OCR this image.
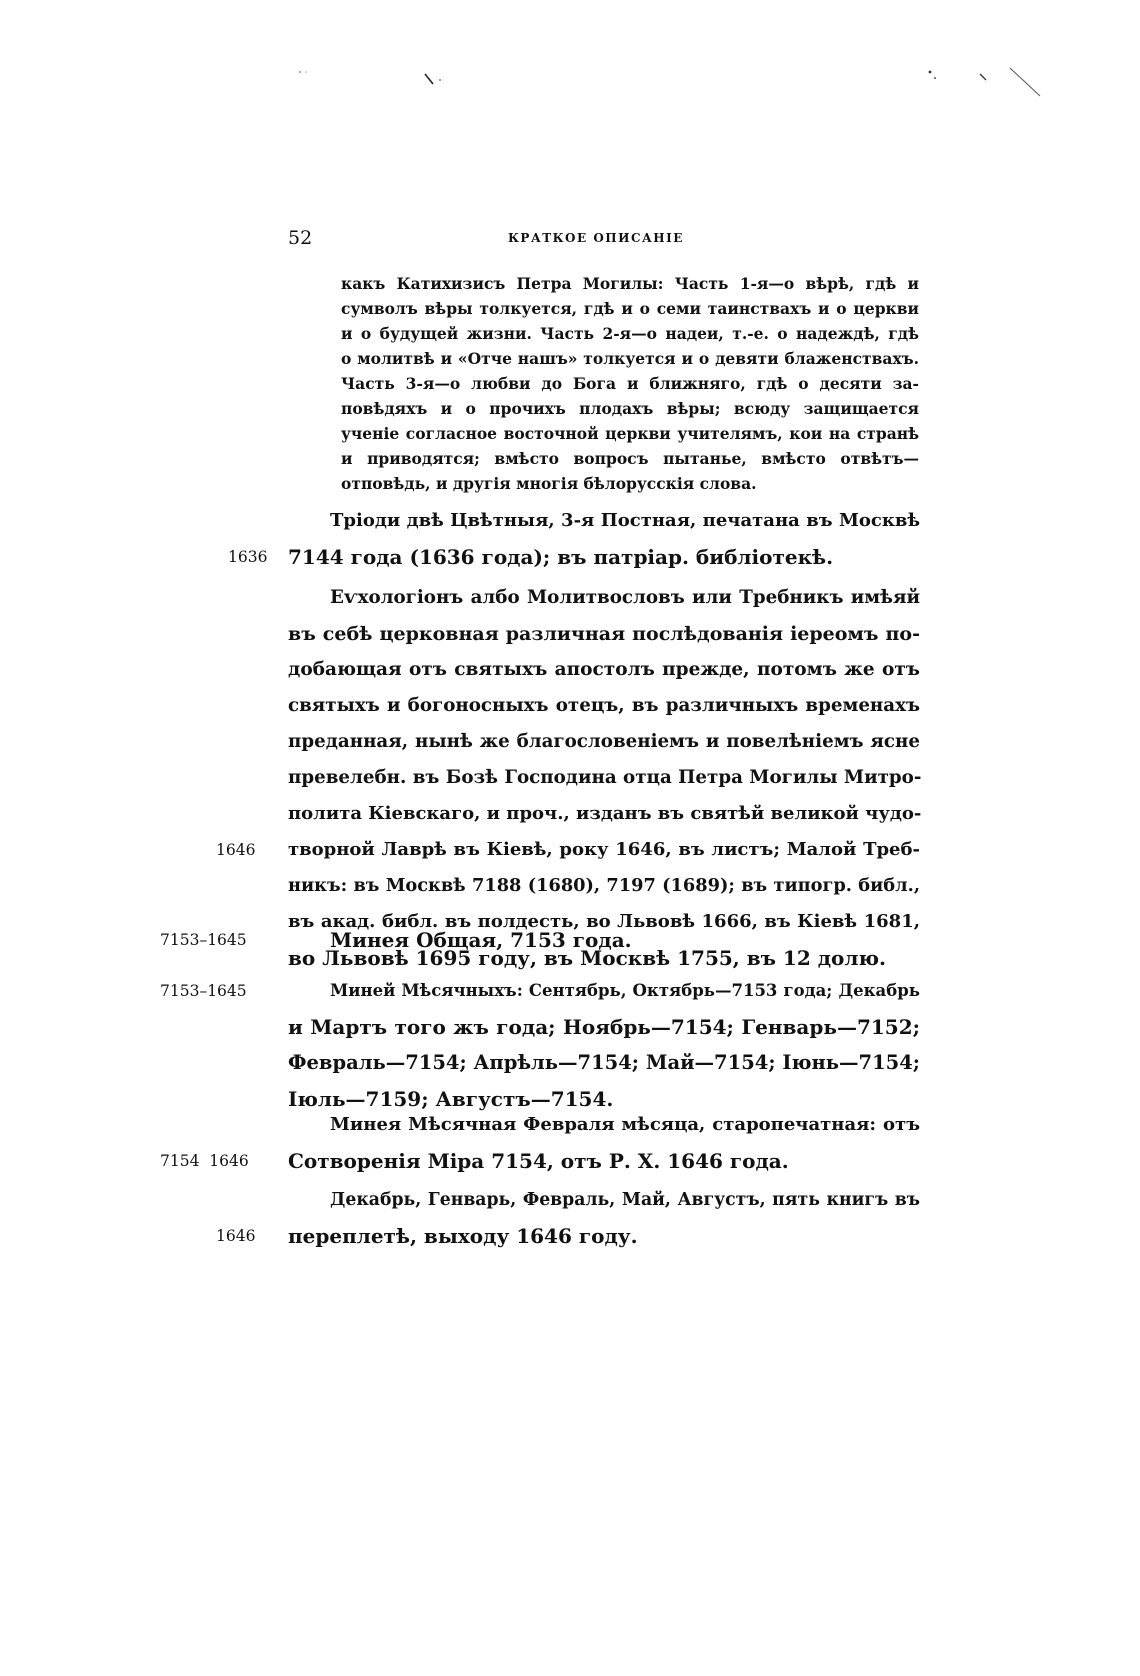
52	КРАТКОЕ ОПИСАНІЕ
какъ Катихизисъ Петра Могилы: Часть 1-я—о вѣрѣ, гдѣ и
сумволъ вѣры толкуется, гдѣ и о семи таинствахъ и о церкви
и о будущей жизни. Часть 2-я—о надеи, т.-е. о надеждѣ, гдѣ
о молитвѣ и «Отче нашъ» толкуется и о девяти блаженствахъ.
Часть 3-я—о любви до Бога и ближняго, гдѣ о десяти за-
повѣдяхъ и о прочихъ плодахъ вѣры; всюду защищается
ученіе согласное восточной церкви учителямъ, кои на странѣ
и приводятся; вмѣсто вопросъ пытанье, вмѣсто отвѣтъ—
отповѣдь, и другія многія бѣлорусскія слова.
Тріоди двѣ Цвѣтныя, 3-я Постная, печатана въ Москвѣ
1636 7144 года (1636 года); въ патріар. библіотекѣ.
Еѵхологіонъ албо Молитвословъ или Требникъ имѣяй
въ себѣ церковная различная послѣдованія іереомъ по-
добающая отъ святыхъ апостолъ прежде, потомъ же отъ
святыхъ и богоносныхъ отецъ, въ различныхъ временахъ
преданная, нынѣ же благословеніемъ и повелѣніемъ ясне
превелебн. въ Бозѣ Господина отца Петра Могилы Митро-
полита Кіевскаго, и проч., изданъ въ святѣй великой чудо-
1646 творной Лаврѣ въ Кіевѣ, року 1646, въ листъ; Малой Треб-
никъ: въ Москвѣ 7188 (1680), 7197 (1689); въ типогр. библ.,
въ акад. библ. въ полдесть, во Львовѣ 1666, въ Кіевѣ 1681,
во Львовѣ 1695 году, въ Москвѣ 1755, въ 12 долю.
7153–1645	Минея Общая, 7153 года.
7153–1645	Миней Мѣсячныхъ: Сентябрь, Октябрь—7153 года; Декабрь
и Мартъ того жъ года; Ноябрь—7154; Генварь—7152;
Февраль—7154; Апрѣль—7154; Май—7154; Іюнь—7154;
Іюль—7159; Августъ—7154.
Минея Мѣсячная Февраля мѣсяца, старопечатная: отъ
7154  1646 Сотворенія Міра 7154, отъ Р. Х. 1646 года.
Декабрь, Генварь, Февраль, Май, Августъ, пять книгъ въ
1646 переплетѣ, выходу 1646 году.
